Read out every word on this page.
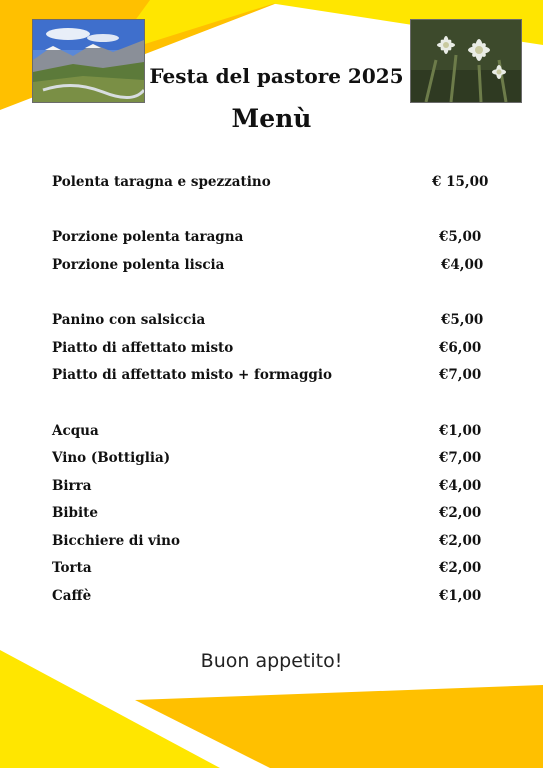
Festa del pastore 2025
Menù
Polenta taragna e spezzatino	€ 15,00
Porzione polenta taragna	€5,00
Porzione polenta liscia	€4,00
Panino con salsiccia	€5,00
Piatto di affettato misto	€6,00
Piatto di affettato misto + formaggio	€7,00
Acqua	€1,00
Vino (Bottiglia)	€7,00
Birra	€4,00
Bibite	€2,00
Bicchiere di vino	€2,00
Torta	€2,00
Caffè	€1,00
Buon appetito!
